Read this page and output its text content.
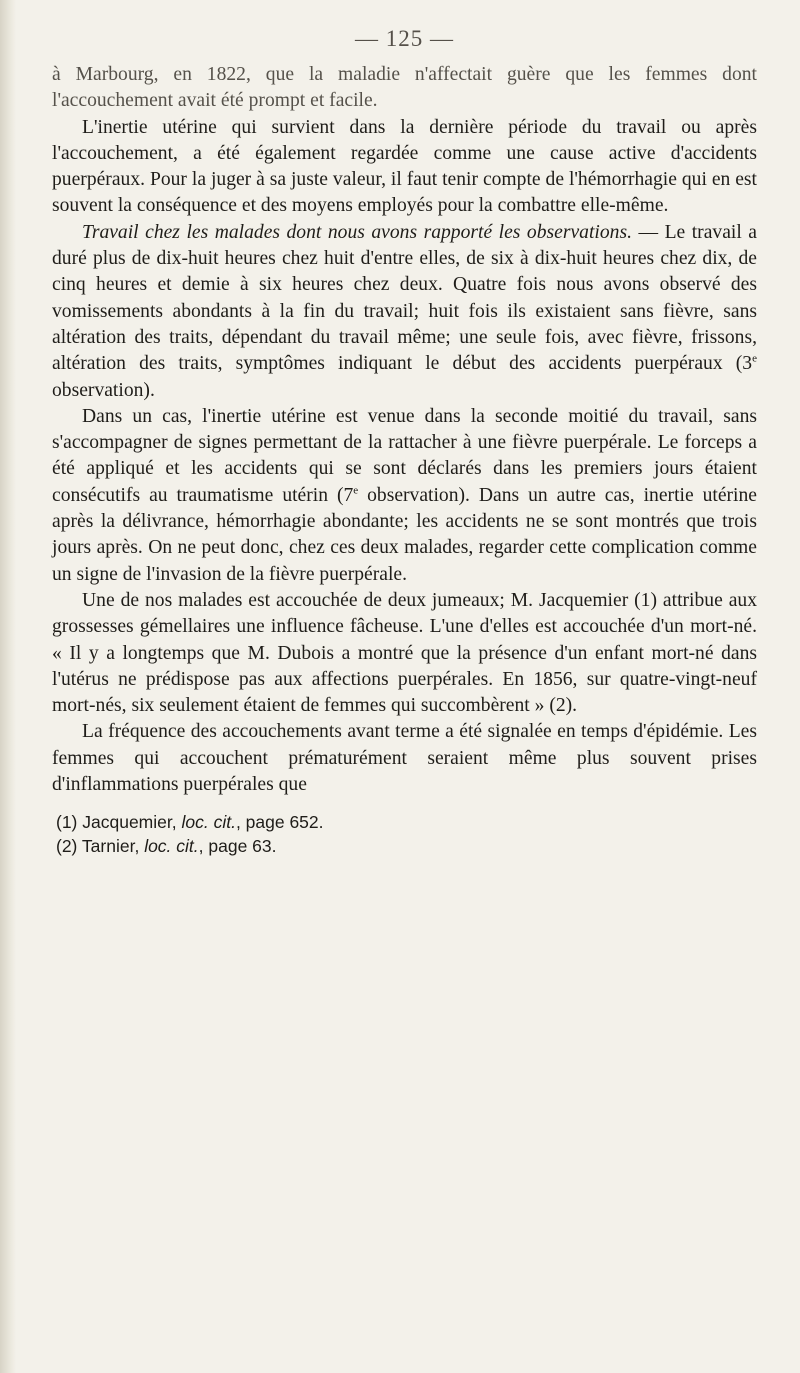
— 125 —

à Marbourg, en 1822, que la maladie n'affectait guère que les femmes dont l'accouchement avait été prompt et facile.

L'inertie utérine qui survient dans la dernière période du travail ou après l'accouchement, a été également regardée comme une cause active d'accidents puerpéraux. Pour la juger à sa juste valeur, il faut tenir compte de l'hémorrhagie qui en est souvent la conséquence et des moyens employés pour la combattre elle-même.

Travail chez les malades dont nous avons rapporté les observations. — Le travail a duré plus de dix-huit heures chez huit d'entre elles, de six à dix-huit heures chez dix, de cinq heures et demie à six heures chez deux. Quatre fois nous avons observé des vomissements abondants à la fin du travail; huit fois ils existaient sans fièvre, sans altération des traits, dépendant du travail même; une seule fois, avec fièvre, frissons, altération des traits, symptômes indiquant le début des accidents puerpéraux (3e observation).

Dans un cas, l'inertie utérine est venue dans la seconde moitié du travail, sans s'accompagner de signes permettant de la rattacher à une fièvre puerpérale. Le forceps a été appliqué et les accidents qui se sont déclarés dans les premiers jours étaient consécutifs au traumatisme utérin (7e observation). Dans un autre cas, inertie utérine après la délivrance, hémorrhagie abondante; les accidents ne se sont montrés que trois jours après. On ne peut donc, chez ces deux malades, regarder cette complication comme un signe de l'invasion de la fièvre puerpérale.

Une de nos malades est accouchée de deux jumeaux; M. Jacquemier (1) attribue aux grossesses gémellaires une influence fâcheuse. L'une d'elles est accouchée d'un mort-né. « Il y a longtemps que M. Dubois a montré que la présence d'un enfant mort-né dans l'utérus ne prédispose pas aux affections puerpérales. En 1856, sur quatre-vingt-neuf mort-nés, six seulement étaient de femmes qui succombèrent » (2).

La fréquence des accouchements avant terme a été signalée en temps d'épidémie. Les femmes qui accouchent prématurément seraient même plus souvent prises d'inflammations puerpérales que

(1) Jacquemier, loc. cit., page 652.
(2) Tarnier, loc. cit., page 63.
